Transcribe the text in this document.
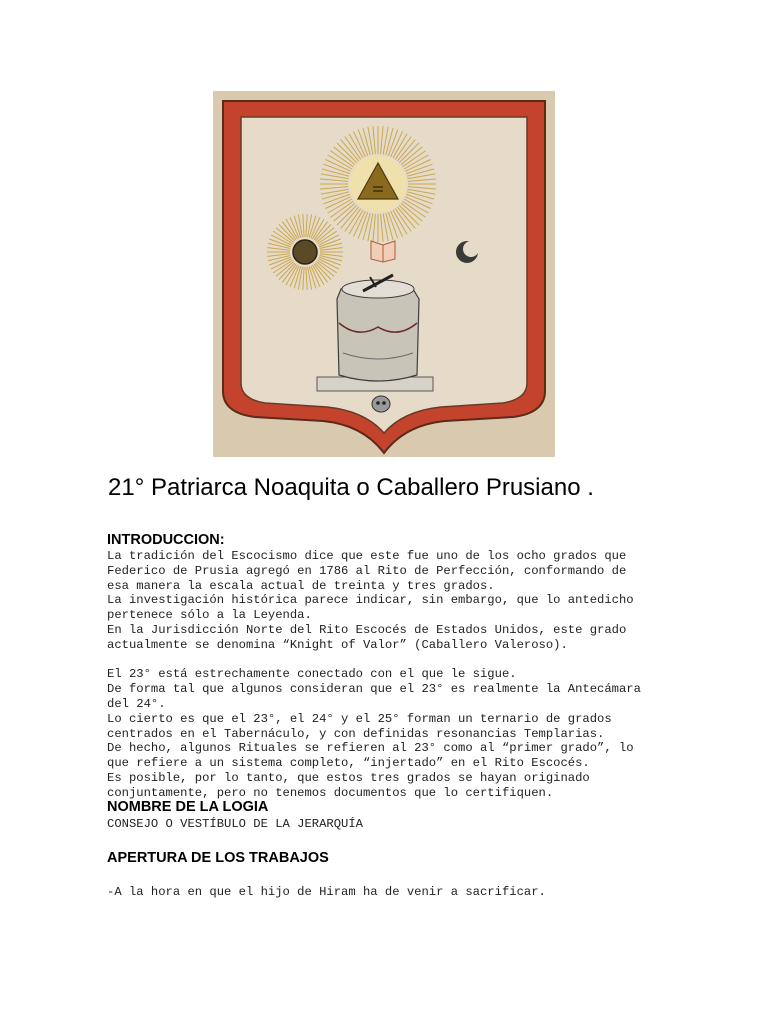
21° Patriarca Noaquita o Caballero Prusiano .
INTRODUCCION:
La tradición del Escocismo dice que este fue uno de los ocho grados que
Federico de Prusia agregó en 1786 al Rito de Perfección, conformando de
esa manera la escala actual de treinta y tres grados.
La investigación histórica parece indicar, sin embargo, que lo antedicho
pertenece sólo a la Leyenda.
En la Jurisdicción Norte del Rito Escocés de Estados Unidos, este grado
actualmente se denomina “Knight of Valor” (Caballero Valeroso).

El 23° está estrechamente conectado con el que le sigue.
De forma tal que algunos consideran que el 23° es realmente la Antecámara
del 24°.
Lo cierto es que el 23°, el 24° y el 25° forman un ternario de grados
centrados en el Tabernáculo, y con definidas resonancias Templarias.
De hecho, algunos Rituales se refieren al 23° como al “primer grado”, lo
que refiere a un sistema completo, “injertado” en el Rito Escocés.
Es posible, por lo tanto, que estos tres grados se hayan originado
conjuntamente, pero no tenemos documentos que lo certifiquen.
NOMBRE DE LA LOGIA
CONSEJO O VESTÍBULO DE LA JERARQUÍA
APERTURA DE LOS TRABAJOS
-A la hora en que el hijo de Hiram ha de venir a sacrificar.
